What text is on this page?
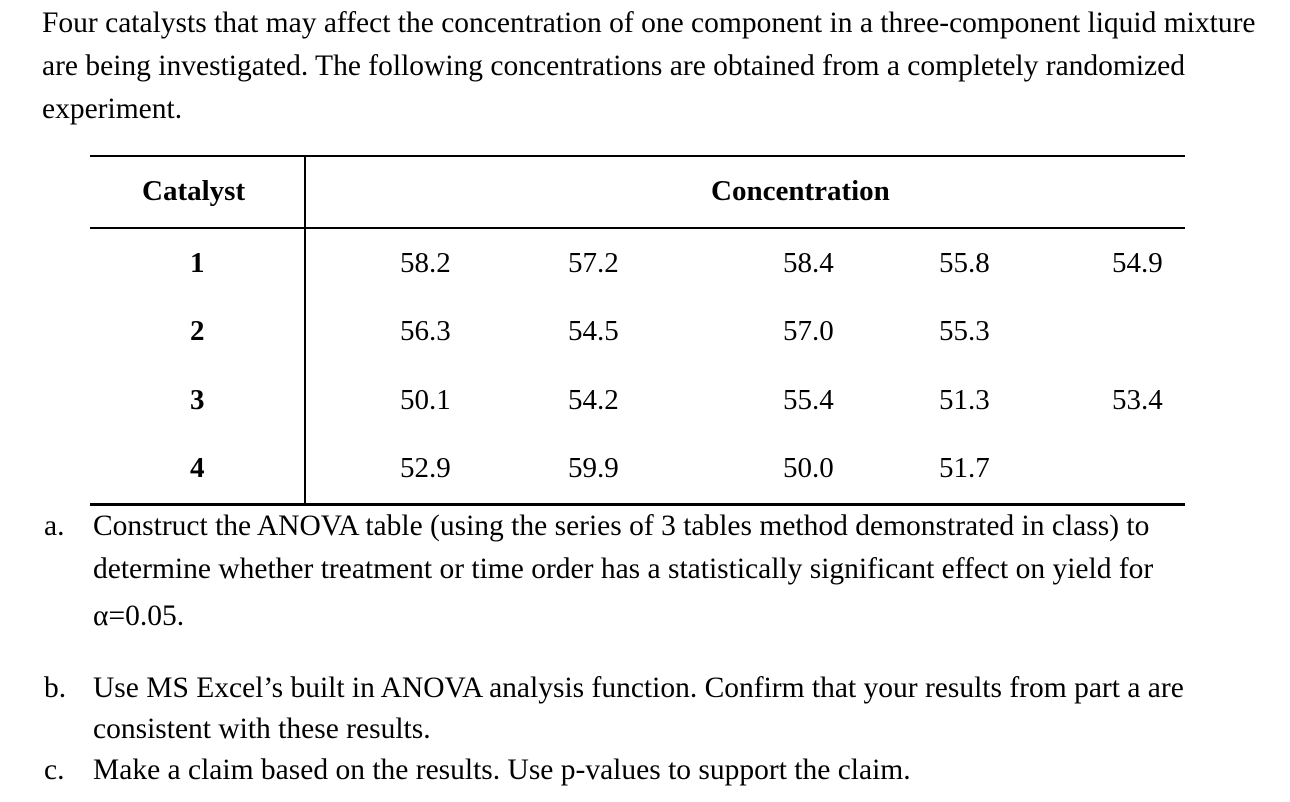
Four catalysts that may affect the concentration of one component in a three-component liquid mixture are being investigated. The following concentrations are obtained from a completely randomized experiment.

Catalyst	Concentration
1	58.2	57.2	58.4	55.8	54.9
2	56.3	54.5	57.0	55.3
3	50.1	54.2	55.4	51.3	53.4
4	52.9	59.9	50.0	51.7
a. Construct the ANOVA table (using the series of 3 tables method demonstrated in class) to determine whether treatment or time order has a statistically significant effect on yield for
α=0.05.
b. Use MS Excel’s built in ANOVA analysis function. Confirm that your results from part a are consistent with these results.
c. Make a claim based on the results. Use p-values to support the claim.
